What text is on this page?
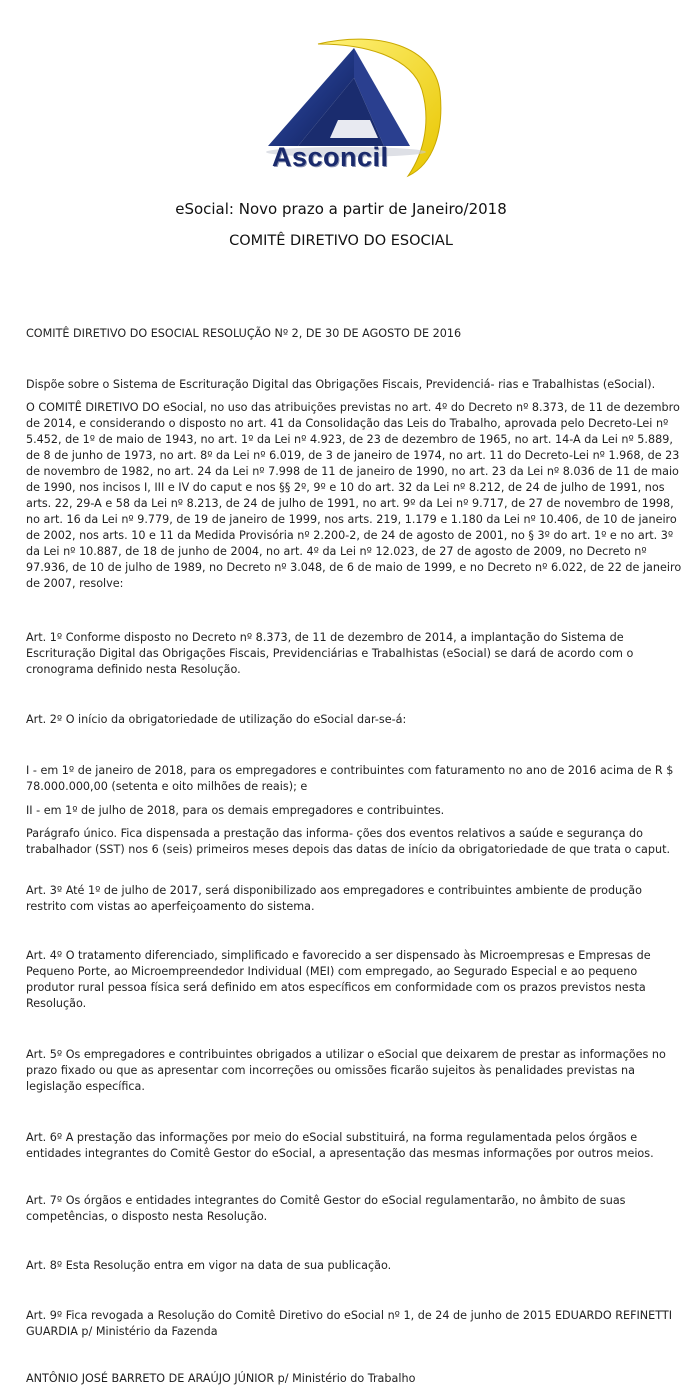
Asconcil
eSocial: Novo prazo a partir de Janeiro/2018
COMITÊ DIRETIVO DO ESOCIAL

COMITÊ DIRETIVO DO ESOCIAL RESOLUÇÃO Nº 2, DE 30 DE AGOSTO DE 2016

Dispõe sobre o Sistema de Escrituração Digital das Obrigações Fiscais, Previdenciá- rias e Trabalhistas (eSocial).

O COMITÊ DIRETIVO DO eSocial, no uso das atribuições previstas no art. 4º do Decreto nº 8.373, de 11 de dezembro de 2014, e considerando o disposto no art. 41 da Consolidação das Leis do Trabalho, aprovada pelo Decreto-Lei nº 5.452, de 1º de maio de 1943, no art. 1º da Lei nº 4.923, de 23 de dezembro de 1965, no art. 14-A da Lei nº 5.889, de 8 de junho de 1973, no art. 8º da Lei nº 6.019, de 3 de janeiro de 1974, no art. 11 do Decreto-Lei nº 1.968, de 23 de novembro de 1982, no art. 24 da Lei nº 7.998 de 11 de janeiro de 1990, no art. 23 da Lei nº 8.036 de 11 de maio de 1990, nos incisos I, III e IV do caput e nos §§ 2º, 9º e 10 do art. 32 da Lei nº 8.212, de 24 de julho de 1991, nos arts. 22, 29-A e 58 da Lei nº 8.213, de 24 de julho de 1991, no art. 9º da Lei nº 9.717, de 27 de novembro de 1998, no art. 16 da Lei nº 9.779, de 19 de janeiro de 1999, nos arts. 219, 1.179 e 1.180 da Lei nº 10.406, de 10 de janeiro de 2002, nos arts. 10 e 11 da Medida Provisória nº 2.200-2, de 24 de agosto de 2001, no § 3º do art. 1º e no art. 3º da Lei nº 10.887, de 18 de junho de 2004, no art. 4º da Lei nº 12.023, de 27 de agosto de 2009, no Decreto nº 97.936, de 10 de julho de 1989, no Decreto nº 3.048, de 6 de maio de 1999, e no Decreto nº 6.022, de 22 de janeiro de 2007, resolve:

Art. 1º Conforme disposto no Decreto nº 8.373, de 11 de dezembro de 2014, a implantação do Sistema de Escrituração Digital das Obrigações Fiscais, Previdenciárias e Trabalhistas (eSocial) se dará de acordo com o cronograma definido nesta Resolução.

Art. 2º O início da obrigatoriedade de utilização do eSocial dar-se-á:

I - em 1º de janeiro de 2018, para os empregadores e contribuintes com faturamento no ano de 2016 acima de R $ 78.000.000,00 (setenta e oito milhões de reais); e

II - em 1º de julho de 2018, para os demais empregadores e contribuintes.

Parágrafo único. Fica dispensada a prestação das informa- ções dos eventos relativos a saúde e segurança do trabalhador (SST) nos 6 (seis) primeiros meses depois das datas de início da obrigatoriedade de que trata o caput.

Art. 3º Até 1º de julho de 2017, será disponibilizado aos empregadores e contribuintes ambiente de produção restrito com vistas ao aperfeiçoamento do sistema.

Art. 4º O tratamento diferenciado, simplificado e favorecido a ser dispensado às Microempresas e Empresas de Pequeno Porte, ao Microempreendedor Individual (MEI) com empregado, ao Segurado Especial e ao pequeno produtor rural pessoa física será definido em atos específicos em conformidade com os prazos previstos nesta Resolução.

Art. 5º Os empregadores e contribuintes obrigados a utilizar o eSocial que deixarem de prestar as informações no prazo fixado ou que as apresentar com incorreções ou omissões ficarão sujeitos às penalidades previstas na legislação específica.

Art. 6º A prestação das informações por meio do eSocial substituirá, na forma regulamentada pelos órgãos e entidades integrantes do Comitê Gestor do eSocial, a apresentação das mesmas informações por outros meios.

Art. 7º Os órgãos e entidades integrantes do Comitê Gestor do eSocial regulamentarão, no âmbito de suas competências, o disposto nesta Resolução.

Art. 8º Esta Resolução entra em vigor na data de sua publicação.

Art. 9º Fica revogada a Resolução do Comitê Diretivo do eSocial nº 1, de 24 de junho de 2015 EDUARDO REFINETTI GUARDIA p/ Ministério da Fazenda

ANTÔNIO JOSÉ BARRETO DE ARAÚJO JÚNIOR p/ Ministério do Trabalho
